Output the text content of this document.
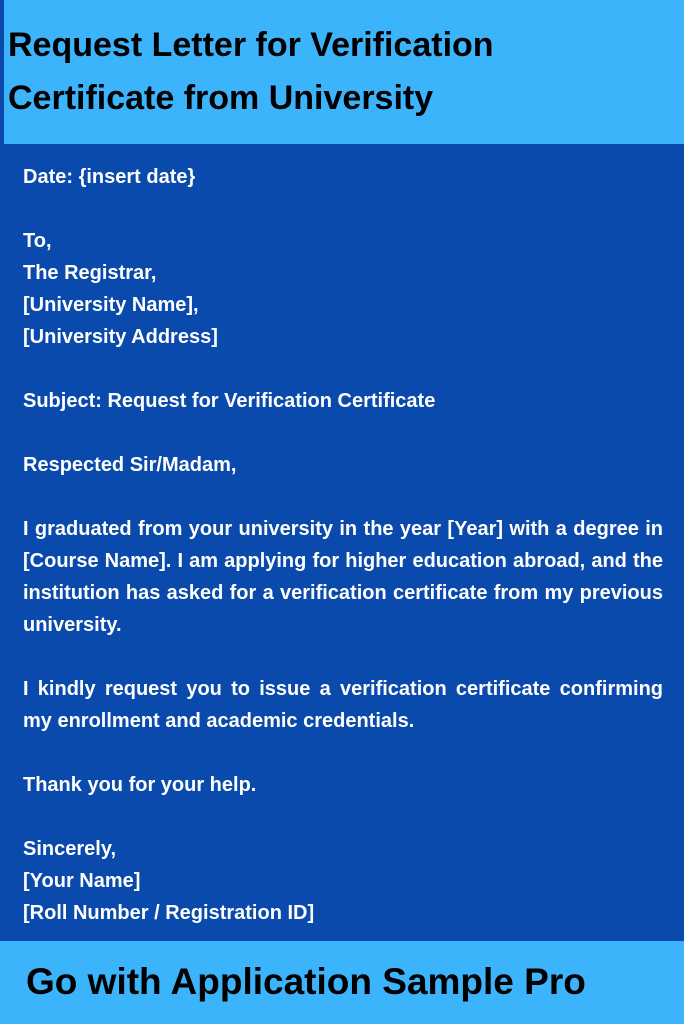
Request Letter for Verification
Certificate from University
Date: {insert date}
To,
The Registrar,
[University Name],
[University Address]
Subject: Request for Verification Certificate
Respected Sir/Madam,
I graduated from your university in the year [Year] with a degree in [Course Name]. I am applying for higher education abroad, and the institution has asked for a verification certificate from my previous university.
I kindly request you to issue a verification certificate confirming my enrollment and academic credentials.
Thank you for your help.
Sincerely,
[Your Name]
[Roll Number / Registration ID]
Go with Application Sample Pro
